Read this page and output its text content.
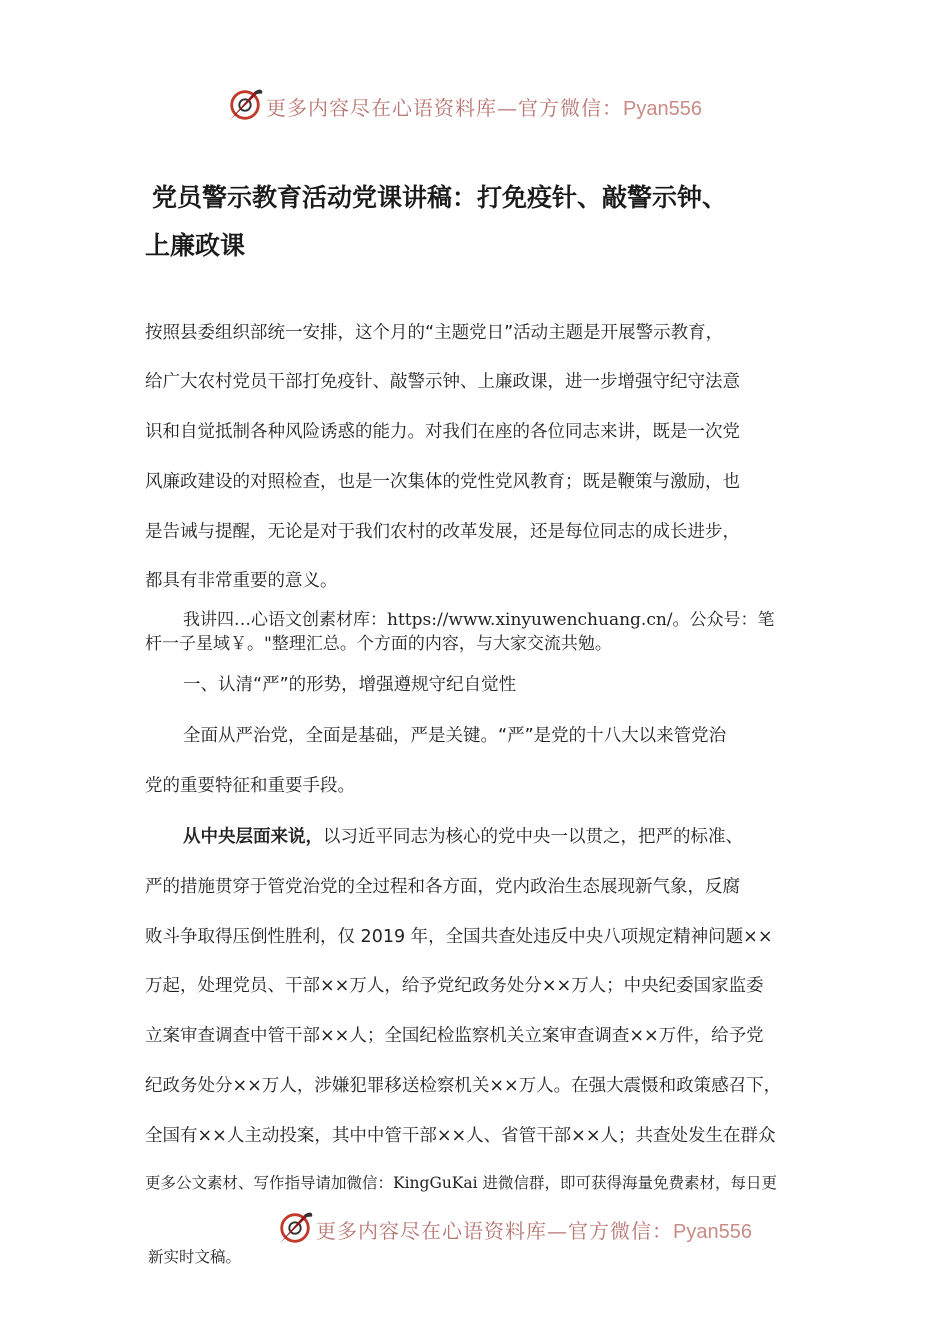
更多内容尽在心语资料库—官方微信：Pyan556
党员警示教育活动党课讲稿：打免疫针、敲警示钟、
上廉政课
按照县委组织部统一安排，这个月的“主题党日”活动主题是开展警示教育，
给广大农村党员干部打免疫针、敲警示钟、上廉政课，进一步增强守纪守法意
识和自觉抵制各种风险诱惑的能力。对我们在座的各位同志来讲，既是一次党
风廉政建设的对照检查，也是一次集体的党性党风教育；既是鞭策与激励，也
是告诫与提醒，无论是对于我们农村的改革发展，还是每位同志的成长进步，
都具有非常重要的意义。
我讲四…心语文创素材库：https://www.xinyuwenchuang.cn/。公众号：笔
杆一子星域￥。"整理汇总。个方面的内容，与大家交流共勉。
一、认清“严”的形势，增强遵规守纪自觉性
全面从严治党，全面是基础，严是关键。“严”是党的十八大以来管党治
党的重要特征和重要手段。
从中央层面来说，以习近平同志为核心的党中央一以贯之，把严的标准、
严的措施贯穿于管党治党的全过程和各方面，党内政治生态展现新气象，反腐
败斗争取得压倒性胜利，仅 2019 年，全国共查处违反中央八项规定精神问题××
万起，处理党员、干部××万人，给予党纪政务处分××万人；中央纪委国家监委
立案审查调查中管干部××人；全国纪检监察机关立案审查调查××万件，给予党
纪政务处分××万人，涉嫌犯罪移送检察机关××万人。在强大震慑和政策感召下，
全国有××人主动投案，其中中管干部××人、省管干部××人；共查处发生在群众
更多公文素材、写作指导请加微信：KingGuKai 进微信群，即可获得海量免费素材，每日更
更多内容尽在心语资料库—官方微信：Pyan556
新实时文稿。
